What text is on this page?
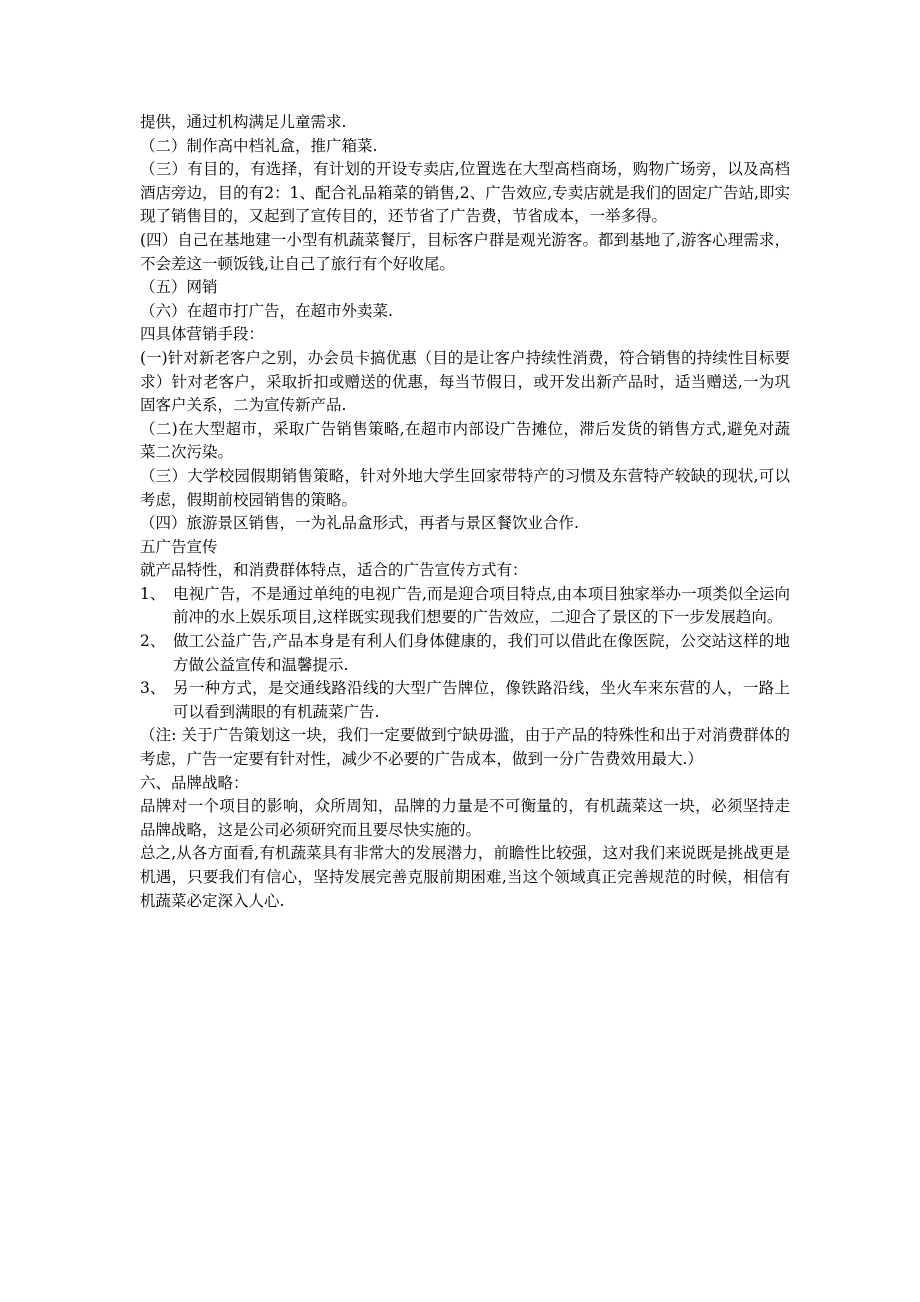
提供，通过机构满足儿童需求.

（二）制作高中档礼盒，推广箱菜.

（三）有目的，有选择，有计划的开设专卖店,位置选在大型高档商场，购物广场旁，以及高档酒店旁边，目的有2：1、配合礼品箱菜的销售,2、广告效应,专卖店就是我们的固定广告站,即实现了销售目的，又起到了宣传目的，还节省了广告费，节省成本，一举多得。

(四）自己在基地建一小型有机蔬菜餐厅，目标客户群是观光游客。都到基地了,游客心理需求，不会差这一顿饭钱,让自己了旅行有个好收尾。

（五）网销

（六）在超市打广告，在超市外卖菜.

四具体营销手段：

(一)针对新老客户之别，办会员卡搞优惠（目的是让客户持续性消费，符合销售的持续性目标要求）针对老客户，采取折扣或赠送的优惠，每当节假日，或开发出新产品时，适当赠送,一为巩固客户关系，二为宣传新产品.

（二)在大型超市，采取广告销售策略,在超市内部设广告摊位，滞后发货的销售方式,避免对蔬菜二次污染。

（三）大学校园假期销售策略，针对外地大学生回家带特产的习惯及东营特产较缺的现状,可以考虑，假期前校园销售的策略。

（四）旅游景区销售，一为礼品盒形式，再者与景区餐饮业合作.

五广告宣传

就产品特性，和消费群体特点，适合的广告宣传方式有：

1、 电视广告，不是通过单纯的电视广告,而是迎合项目特点,由本项目独家举办一项类似全运向前冲的水上娱乐项目,这样既实现我们想要的广告效应，二迎合了景区的下一步发展趋向。
2、 做工公益广告,产品本身是有利人们身体健康的，我们可以借此在像医院，公交站这样的地方做公益宣传和温馨提示.
3、 另一种方式，是交通线路沿线的大型广告牌位，像铁路沿线，坐火车来东营的人，一路上可以看到满眼的有机蔬菜广告.

（注: 关于广告策划这一块，我们一定要做到宁缺毋滥，由于产品的特殊性和出于对消费群体的考虑，广告一定要有针对性，减少不必要的广告成本，做到一分广告费效用最大.）

六、品牌战略：

品牌对一个项目的影响，众所周知，品牌的力量是不可衡量的，有机蔬菜这一块，必须坚持走品牌战略，这是公司必须研究而且要尽快实施的。

总之,从各方面看,有机蔬菜具有非常大的发展潜力，前瞻性比较强，这对我们来说既是挑战更是机遇，只要我们有信心，坚持发展完善克服前期困难,当这个领域真正完善规范的时候，相信有机蔬菜必定深入人心.
